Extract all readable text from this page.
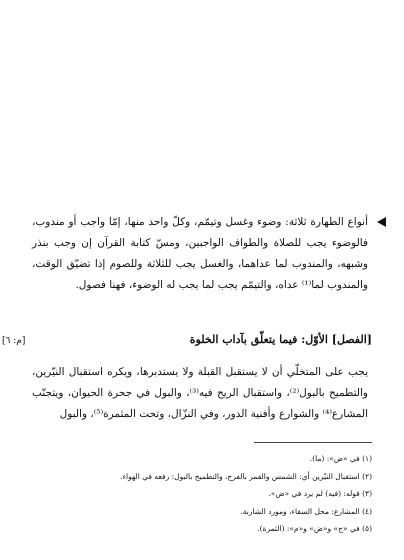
أنواع الطهارة ثلاثة: وضوء وغسل وتيمّم، وكلّ واحد منها، إمّا واجب أو مندوب، فالوضوء يجب للصلاة والطواف الواجبين، ومسّ كتابة القرآن إن وجب بنذر وشبهه، والمندوب لما عداهما، والغسل يجب للثلاثة وللصوم إذا تضيّق الوقت، والمندوب لما⁽¹⁾ عداه، والتيمّم يجب لما يجب له الوضوء، فهنا فصول.

[م: ٦]	[الفصل] الأوّل: فيما يتعلّق بآداب الخلوة

يجب على المتخلّي أن لا يستقبل القبلة ولا يستدبرها، ويكره استقبال النيّرين، والتطميح بالبول⁽²⁾، واستقبال الريح فيه⁽³⁾، والبول في جحرة الحيوان، ويتجنّب المشارع⁽⁴⁾ والشوارع وأفنية الدور، وفي النزّال، وتحت المثمرة⁽⁵⁾، والبول

(١) في «ض»: (ما).
(٢) استقبال النيّرين أي: الشمس والقمر بالفرج، والتطميح بالبول: رفعه في الهواء.
(٣) قوله: (فيه) لم يرد في «ض».
(٤) المشارع: محل السقاء، ومورد الشاربة.
(٥) في «ح» و«ض» و«م»: (الثمرة).
